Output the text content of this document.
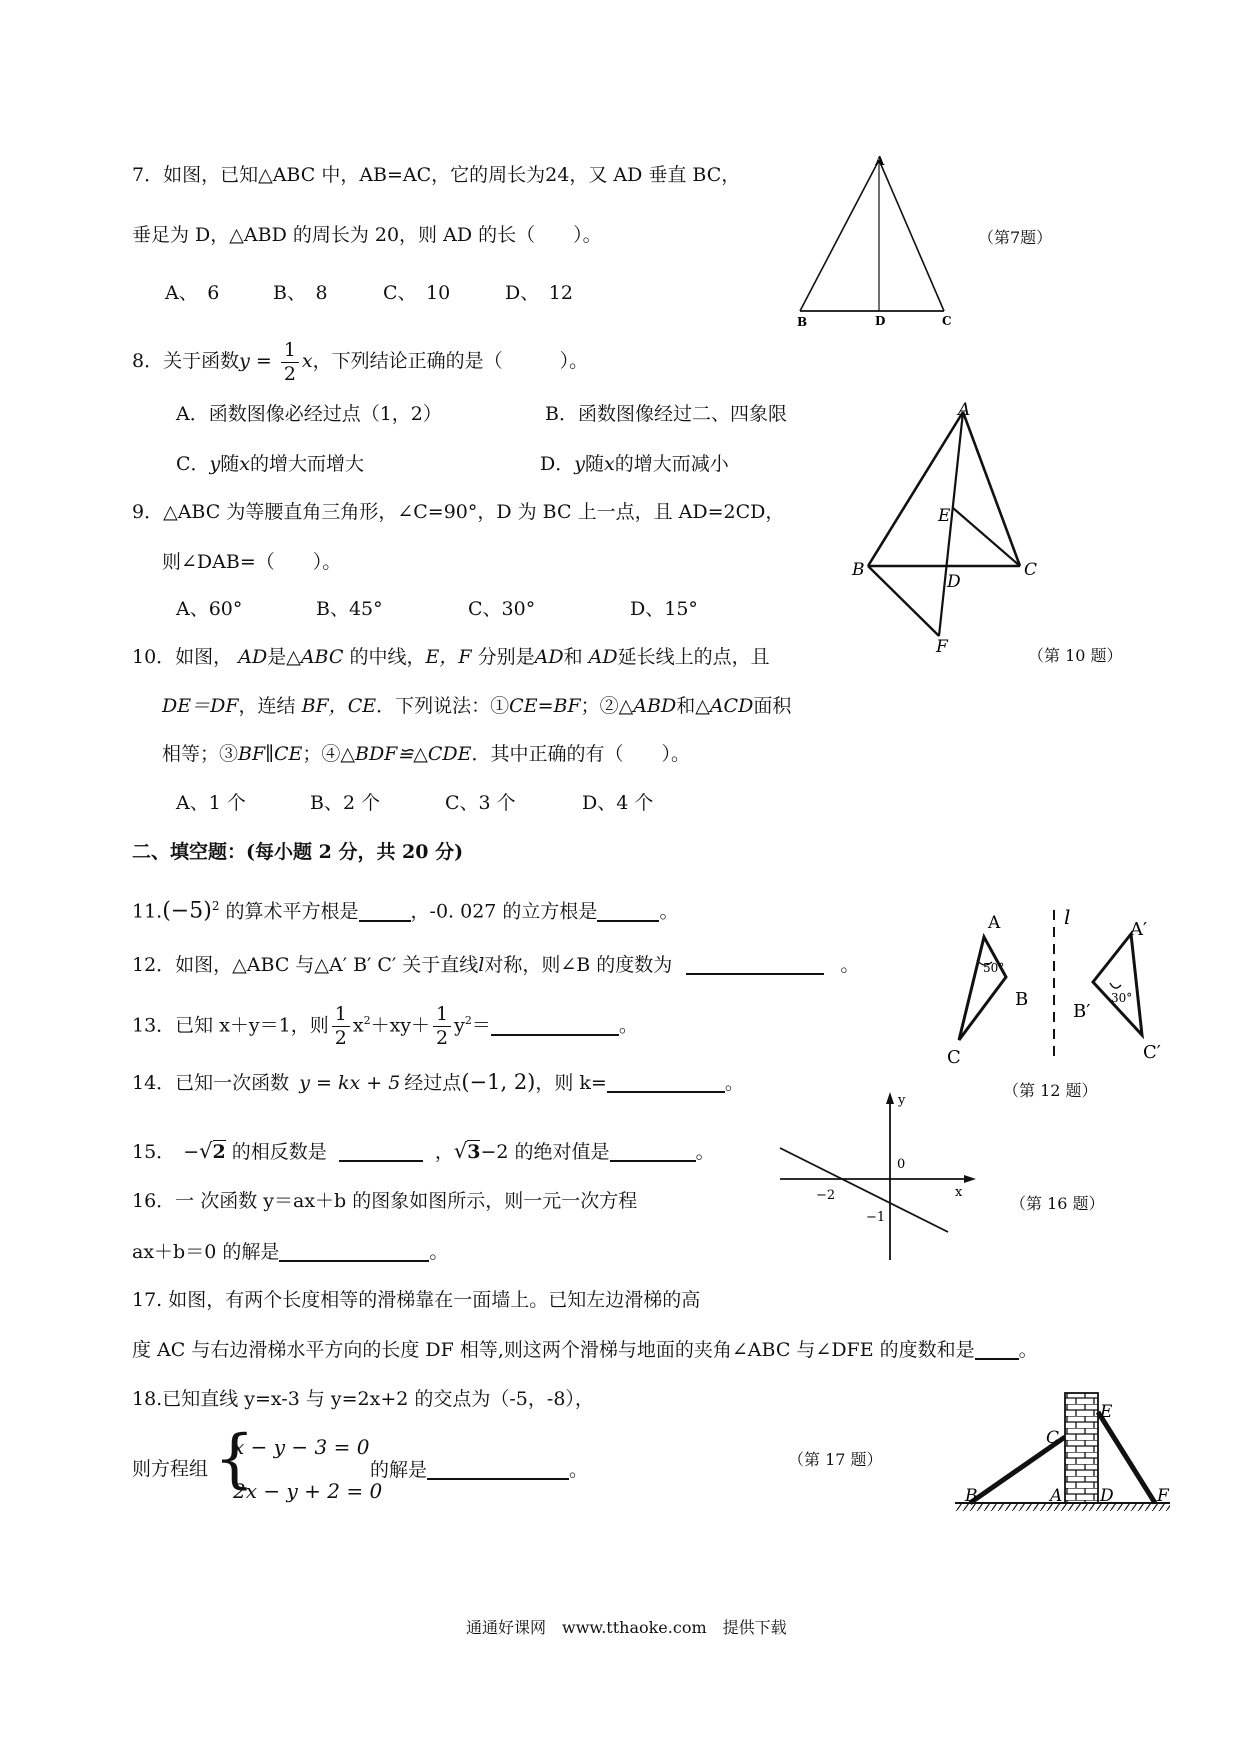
7．如图，已知△ABC 中，AB=AC，它的周长为24，又 AD 垂直 BC，
垂足为 D，△ABD 的周长为 20，则 AD 的长（　　）。
A、　6	B、　8	C、　10	D、　12
（第7题）
A
B	D	C
8．关于函数$y = \frac{1}{2}$ x，下列结论正确的是（　　　）。
A．函数图像必经过点（1，2）	B．函数图像经过二、四象限
C．y随x的增大而增大	D．y随x的增大而减小
9．△ABC 为等腰直角三角形，∠C=90°，D 为 BC 上一点，且 AD=2CD，
则∠DAB=（　　）。
A、60°	B、45°	C、30°	D、15°
A
E
B
D
C
F	（第 10 题）
10．如图， AD是△ABC 的中线，E，F 分别是AD和 AD延长线上的点，且
DE＝DF，连结 BF，CE．下列说法：①CE=BF；②△ABD和△ACD面积
相等；③BF∥CE；④△BDF≌△CDE．其中正确的有（　　）。
A、1 个	B、2 个	C、3 个	D、4 个
二、填空题：(每小题 2 分，共 20 分)
$11.(-5)^2$ 的算术平方根是	，-0. 027 的立方根是	。
12．如图，△ABC 与△A′ B′ C′ 关于直线l对称，则∠B 的度数为	。
A
50°
B
C
l
A′
30°
B′
C′
（第 12 题）
13．已知 x＋y＝1，则 $\frac{1}{2} x^2+xy+ \frac{1}{2} y^2=$	。
14．已知一次函数 y = kx + 5 经过点(−1, 2)，则 k=	。
15． −√2 的相反数是	，√3−2 的绝对值是	。
y
0
x
−2
−1
（第 16 题）
16．一 次函数 y＝ax＋b 的图象如图所示，则一元一次方程
ax＋b＝0 的解是	。
17. 如图，有两个长度相等的滑梯靠在一面墙上。已知左边滑梯的高
度 AC 与右边滑梯水平方向的长度 DF 相等,则这两个滑梯与地面的夹角∠ABC 与∠DFE 的度数和是 。
18.已知直线 y=x-3 与 y=2x+2 的交点为（-5，-8），
则方程组 {
x − y − 3 = 0
2x − y + 2 = 0
的解是	。	（第 17 题）
C
E
B	A D	F
通通好课网　www.tthaoke.com　提供下载
